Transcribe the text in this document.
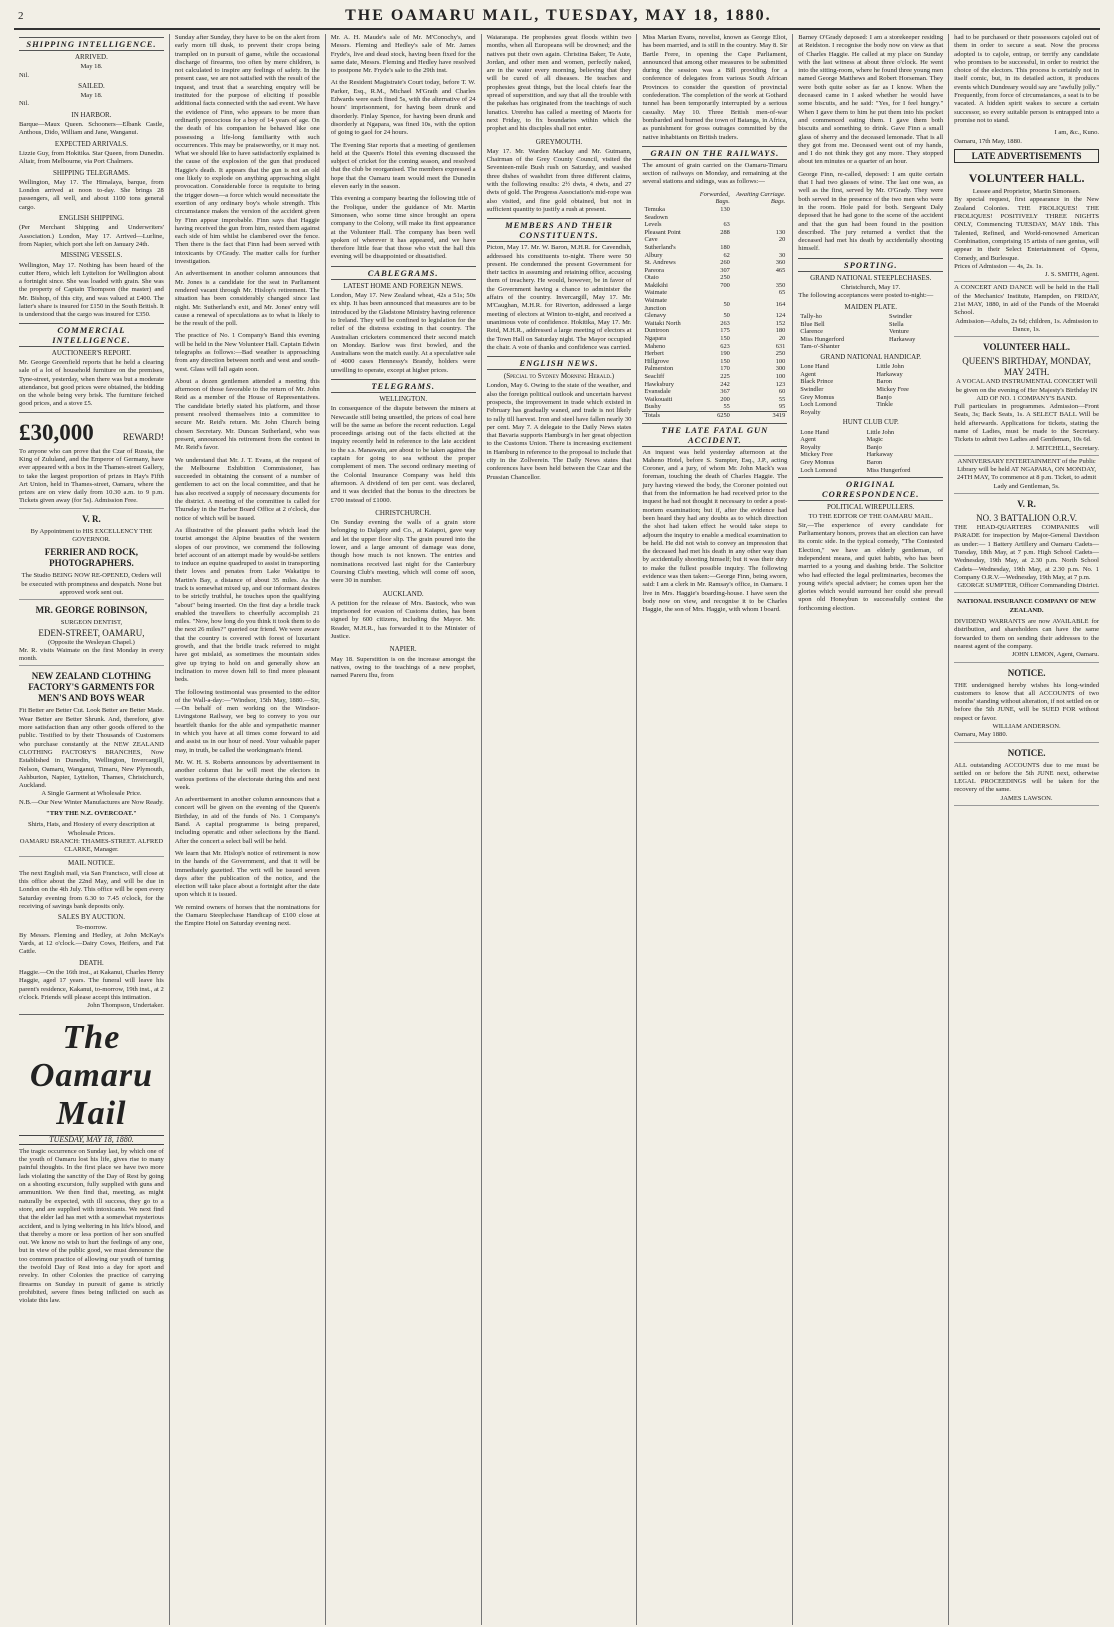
2	THE OAMARU MAIL, TUESDAY, MAY 18, 1880.

SHIPPING INTELLIGENCE.
ARRIVED.
May 18.
Nil.
SAILED.
May 18.
Nil.
IN HARBOR.
Barque—Maux Queen. Schooners—Elbank Castle, Anthous, Dido, William and Jane, Wanganui.
EXPECTED ARRIVALS.
Lizzie Guy, from Hokitika. Star Queen, from Dunedin. Altair, from Melbourne, via Port Chalmers.
SHIPPING TELEGRAMS.
Wellington, May 17. The Himalaya, barque, from London arrived at noon to-day. She brings 28 passengers, all well, and about 1100 tons general cargo.
ENGLISH SHIPPING.
(Per Merchant Shipping and Underwriters' Association.) London, May 17. Arrived—Lurline, from Napier, which port she left on January 24th.
MISSING VESSELS.
Wellington, May 17. Nothing has been heard of the cutter Hero, which left Lyttelton for Wellington about a fortnight since. She was loaded with grain. She was the property of Captain Thompson (the master) and Mr. Bishop, of this city, and was valued at £400. The latter's share is insured for £150 in the South British. It is understood that the cargo was insured for £350.
COMMERCIAL INTELLIGENCE.
AUCTIONEER'S REPORT.
Mr. George Greenfield reports that he held a clearing sale of a lot of household furniture on the premises, Tyne-street, yesterday, when there was but a moderate attendance, but good prices were obtained, the bidding on the whole being very brisk. The furniture fetched good prices, and a stove £5.
£30,000	REWARD!
To anyone who can prove that the Czar of Russia, the King of Zululand, and the Emperor of Germany, have ever appeared with a box in the Thames-street Gallery, to take the largest proportion of prizes in Hay's Fifth Art Union, held in Thames-street, Oamaru, where the prizes are on view daily from 10.30 a.m. to 9 p.m. Tickets given away (for 5s). Admission Free.
V. R.
By Appointment to HIS EXCELLENCY THE GOVERNOR.
FERRIER AND ROCK, PHOTOGRAPHERS.
The Studio BEING NOW RE-OPENED, Orders will be executed with promptness and despatch. None but approved work sent out.
MR. GEORGE ROBINSON,
SURGEON DENTIST,
EDEN-STREET, OAMARU,
(Opposite the Wesleyan Chapel.)
Mr. R. visits Waimate on the first Monday in every month.
NEW ZEALAND CLOTHING FACTORY'S GARMENTS FOR MEN'S AND BOYS WEAR
Fit Better are Better Cut. Look Better are Better Made. Wear Better are Better Shrunk. And, therefore, give more satisfaction than any other goods offered to the public. Testified to by their Thousands of Customers who purchase constantly at the NEW ZEALAND CLOTHING FACTORY'S BRANCHES, Now Established in Dunedin, Wellington, Invercargill, Nelson, Oamaru, Wanganui, Timaru, New Plymouth, Ashburton, Napier, Lyttelton, Thames, Christchurch, Auckland.
A Single Garment at Wholesale Price.
N.B.—Our New Winter Manufactures are Now Ready.
"TRY THE N.Z. OVERCOAT."
Shirts, Hats, and Hosiery of every description at Wholesale Prices.
OAMARU BRANCH: THAMES-STREET. ALFRED CLARKE, Manager.
MAIL NOTICE.
The next English mail, via San Francisco, will close at this office about the 22nd May, and will be due in London on the 4th July. This office will be open every Saturday evening from 6.30 to 7.45 o'clock, for the receiving of savings bank deposits only.
SALES BY AUCTION.
To-morrow.
By Messrs. Fleming and Hedley, at John McKay's Yards, at 12 o'clock.—Dairy Cows, Heifers, and Fat Cattle.
DEATH.
Haggie.—On the 16th inst., at Kakanui, Charles Henry Haggie, aged 17 years. The funeral will leave his parent's residence, Kakanui, to-morrow, 19th inst., at 2 o'clock. Friends will please accept this intimation.
John Thompson, Undertaker.
The Oamaru Mail
TUESDAY, MAY 18, 1880.
The tragic occurrence on Sunday last, by which one of the youth of Oamaru lost his life, gives rise to many painful thoughts. In the first place we have two more lads violating the sanctity of the Day of Rest by going on a shooting excursion, fully supplied with guns and ammunition. We then find that, meeting, as might naturally be expected, with ill success, they go to a store, and are supplied with intoxicants. We next find that the elder lad has met with a somewhat mysterious accident, and is lying weltering in his life's blood, and that thereby a more or less portion of her son snuffed out. We know no wish to hurt the feelings of any one, but in view of the public good, we must denounce the too common practice of allowing our youth of turning the twofold Day of Rest into a day for sport and revelry. In other Colonies the practice of carrying firearms on Sunday in pursuit of game is strictly prohibited, severe fines being inflicted on such as violate this law.

Sunday after Sunday, they have to be on the alert from early morn till dusk, to prevent their crops being trampled on in pursuit of game, while the occasional discharge of firearms, too often by mere children, is not calculated to inspire any feelings of safety. In the present case, we are not satisfied with the result of the inquest, and trust that a searching enquiry will be instituted for the purpose of eliciting if possible additional facts connected with the sad event. We have the evidence of Finn, who appears to be more than ordinarily precocious for a boy of 14 years of age. On the death of his companion he behaved like one possessing a life-long familiarity with such occurrences. This may be praiseworthy, or it may not. What we should like to have satisfactorily explained is the cause of the explosion of the gun that produced Haggie's death. It appears that the gun is not an old one likely to explode on anything approaching slight provocation. Considerable force is requisite to bring the trigger down—a force which would necessitate the exertion of any ordinary boy's whole strength. This circumstance makes the version of the accident given by Finn appear improbable. Finn says that Haggie having received the gun from him, rested them against each side of him whilst he clambered over the fence. Then there is the fact that Finn had been served with intoxicants by O'Grady. The matter calls for further investigation.

An advertisement in another column announces that Mr. Jones is a candidate for the seat in Parliament rendered vacant through Mr. Hislop's retirement. The situation has been considerably changed since last night. Mr. Sutherland's exit, and Mr. Jones' entry will cause a renewal of speculations as to what is likely to be the result of the poll.

The practice of No. 1 Company's Band this evening will be held in the New Volunteer Hall. Captain Edwin telegraphs as follows:—Bad weather is approaching from any direction between north and west and south-west. Glass will fall again soon.

About a dozen gentlemen attended a meeting this afternoon of those favorable to the return of Mr. John Reid as a member of the House of Representatives. The candidate briefly stated his platform, and those present resolved themselves into a committee to secure Mr. Reid's return. Mr. John Church being chosen Secretary. Mr. Duncan Sutherland, who was present, announced his retirement from the contest in Mr. Reid's favor.

We understand that Mr. J. T. Evans, at the request of the Melbourne Exhibition Commissioner, has succeeded in obtaining the consent of a number of gentlemen to act on the local committee, and that he has also received a supply of necessary documents for the district. A meeting of the committee is called for Thursday in the Harbor Board Office at 2 o'clock, due notice of which will be issued.

As illustrative of the pleasant paths which lead the tourist amongst the Alpine beauties of the western slopes of our province, we commend the following brief account of an attempt made by would-be settlers to induce an equine quadruped to assist in transporting their loves and penates from Lake Wakatipu to Martin's Bay, a distance of about 35 miles. As the track is somewhat mixed up, and our informant desires to be strictly truthful, he touches upon the qualifying "about" being inserted. On the first day a bridle track enabled the travellers to cheerfully accomplish 21 miles. "Now, how long do you think it took them to do the next 26 miles?" queried our friend. We were aware that the country is covered with forest of luxuriant growth, and that the bridle track referred to might have got mislaid, as sometimes the mountain sides give up trying to hold on and generally show an inclination to move down hill to find more pleasant beds.

The following testimonial was presented to the editor of the Wall-a-day:—"Windsor, 15th May, 1880.—Sir,—On behalf of men working on the Windsor-Livingstone Railway, we beg to convey to you our heartfelt thanks for the able and sympathetic manner in which you have at all times come forward to aid and assist us in our hour of need. Your valuable paper may, in truth, be called the workingman's friend.

Mr. W. H. S. Roberts announces by advertisement in another column that he will meet the electors in various portions of the electorate during this and next week.

An advertisement in another column announces that a concert will be given on the evening of the Queen's Birthday, in aid of the funds of No. 1 Company's Band. A capital programme is being prepared, including operatic and other selections by the Band. After the concert a select ball will be held.

We learn that Mr. Hislop's notice of retirement is now in the hands of the Government, and that it will be immediately gazetted. The writ will be issued seven days after the publication of the notice, and the election will take place about a fortnight after the date upon which it is issued.

We remind owners of horses that the nominations for the Oamaru Steeplechase Handicap of £100 close at the Empire Hotel on Saturday evening next.

Mr. A. H. Maude's sale of Mr. M'Conochy's, and Messrs. Fleming and Hedley's sale of Mr. James Fryde's, live and dead stock, having been fixed for the same date, Messrs. Fleming and Hedley have resolved to postpone Mr. Fryde's sale to the 29th inst.

At the Resident Magistrate's Court today, before T. W. Parker, Esq., R.M., Michael M'Grath and Charles Edwards were each fined 5s, with the alternative of 24 hours' imprisonment, for having been drunk and disorderly. Finlay Spence, for having been drunk and disorderly at Ngapara, was fined 10s, with the option of going to gaol for 24 hours.

The Evening Star reports that a meeting of gentlemen held at the Queen's Hotel this evening discussed the subject of cricket for the coming season, and resolved that the club be reorganised. The members expressed a hope that the Oamaru team would meet the Dunedin eleven early in the season.

This evening a company bearing the following title of the Frolique, under the guidance of Mr. Martin Simonsen, who some time since brought an opera company to the Colony, will make its first appearance at the Volunteer Hall. The company has been well spoken of wherever it has appeared, and we have therefore little fear that those who visit the hall this evening will be disappointed or dissatisfied.

CABLEGRAMS.
LATEST HOME AND FOREIGN NEWS.

London, May 17. New Zealand wheat, 42s a 51s; 50s ex ship. It has been announced that measures are to be introduced by the Gladstone Ministry having reference to Ireland. They will be confined to legislation for the relief of the distress existing in that country. The Australian cricketers commenced their second match on Monday. Barlow was first bowled, and the Australians won the match easily. At a speculative sale of 4000 cases Hennessy's Brandy, holders were unwilling to operate, except at higher prices.

TELEGRAMS.
WELLINGTON.

In consequence of the dispute between the miners at Newcastle still being unsettled, the prices of coal here will be the same as before the recent reduction. Legal proceedings arising out of the facts elicited at the inquiry recently held in reference to the late accident to the s.s. Manawatu, are about to be taken against the captain for going to sea without the proper complement of men. The second ordinary meeting of the Colonial Insurance Company was held this afternoon. A dividend of ten per cent. was declared, and it was decided that the bonus to the directors be £700 instead of £1000.

CHRISTCHURCH.

On Sunday evening the walls of a grain store belonging to Dalgety and Co., at Kaiapoi, gave way and let the upper floor slip. The grain poured into the lower, and a large amount of damage was done, though how much is not known. The entries and nominations received last night for the Canterbury Coursing Club's meeting, which will come off soon, were 30 in number.

AUCKLAND.

A petition for the release of Mrs. Bastock, who was imprisoned for evasion of Customs duties, has been signed by 600 citizens, including the Mayor. Mr. Reader, M.H.R., has forwarded it to the Minister of Justice.

NAPIER.

May 18. Superstition is on the increase amongst the natives, owing to the teachings of a new prophet, named Pareru Ihu, from

Waiararapa. He prophesies great floods within two months, when all Europeans will be drowned; and the natives put their own again. Christina Baker, Te Aute, Jordan, and other men and women, perfectly naked, are in the water every morning, believing that they will be cured of all diseases. He teaches and prophesies great things, but the local chiefs fear the spread of superstition, and say that all the trouble with the pakehas has originated from the teachings of such lunatics. Urerehu has called a meeting of Maoris for next Friday, to fix boundaries within which the prophet and his disciples shall not enter.

GREYMOUTH.

May 17. Mr. Warden Mackay and Mr. Gutmann, Chairman of the Grey County Council, visited the Seventeen-mile Bush rush on Saturday, and washed three dishes of washdirt from three different claims, with the following results: 2½ dwts, 4 dwts, and 27 dwts of gold. The Progress Association's mid-rope was also visited, and fine gold obtained, but not in sufficient quantity to justify a rush at present.

MEMBERS AND THEIR CONSTITUENTS.

Picton, May 17. Mr. W. Baron, M.H.R. for Cavendish, addressed his constituents to-night. There were 50 present. He condemned the present Government for their tactics in assuming and retaining office, accusing them of treachery. He would, however, be in favor of the Government having a chance to administer the affairs of the country. Invercargill, May 17. Mr. M'Caughan, M.H.R. for Riverton, addressed a large meeting of electors at Winton to-night, and received a unanimous vote of confidence. Hokitika, May 17. Mr. Reid, M.H.R., addressed a large meeting of electors at the Town Hall on Saturday night. The Mayor occupied the chair. A vote of thanks and confidence was carried.

ENGLISH NEWS.
(Special to Sydney Morning Herald.)

London, May 6. Owing to the state of the weather, and also the foreign political outlook and uncertain harvest prospects, the improvement in trade which existed in February has gradually waned, and trade is not likely to rally till harvest. Iron and steel have fallen nearly 30 per cent. May 7. A delegate to the Daily News states that Bavaria supports Hamburg's in her great objection to the Customs Union. There is increasing excitement in Hamburg in reference to the proposal to include that city in the Zollverein. The Daily News states that conferences have been held between the Czar and the Prussian Chancellor.

Miss Marian Evans, novelist, known as George Eliot, has been married, and is still in the country. May 8. Sir Bartle Frere, in opening the Cape Parliament, announced that among other measures to be submitted during the session was a Bill providing for a conference of delegates from various South African Provinces to consider the question of provincial confederation. The completion of the work at Gothard tunnel has been temporarily interrupted by a serious casualty. May 10. Three British men-of-war bombarded and burned the town of Batanga, in Africa, as punishment for gross outrages committed by the native inhabitants on British traders.

GRAIN ON THE RAILWAYS.

The amount of grain carried on the Oamaru-Timaru section of railways on Monday, and remaining at the several stations and sidings, was as follows:—

	Forwarded, Bags.	Awaiting Carriage. Bags.
Temuka	130	
Seadown		
Levels	63	
Pleasant Point	288	130
Cave		20
Sutherland's	180	
Albury	62	30
St. Andrews	260	360
Pareora	307	465
Otaio	250	
Makikihi	700	350
Waimate		65
Waimate Junction	50	164
Glenavy	50	124
Waitaki North	263	152
Duntroon	175	180
Ngapara	150	20
Maheno	623	631
Herbert	190	250
Hillgrove	150	100
Palmerston	170	300
Seacliff	225	100
Hawksbury	242	123
Evansdale	367	60
Waikouaiti	200	55
Bushy	55	95
Totals	6250	3419
THE LATE FATAL GUN ACCIDENT.

An inquest was held yesterday afternoon at the Maheno Hotel, before S. Sumpter, Esq., J.P., acting Coroner, and a jury, of whom Mr. John Mack's was foreman, touching the death of Charles Haggie. The jury having viewed the body, the Coroner pointed out that from the information he had received prior to the inquest he had not thought it necessary to order a post-mortem examination; but if, after the evidence had been heard they had any doubts as to which direction the shot had taken effect he would take steps to adjourn the inquiry to enable a medical examination to be held. He did not wish to convey an impression that the deceased had met his death in any other way than by accidentally shooting himself; but it was their duty to make the fullest possible inquiry. The following evidence was then taken:—George Finn, being sworn, said: I am a clerk in Mr. Ramsay's office, in Oamaru. I live in Mrs. Haggie's boarding-house. I have seen the body now on view, and recognise it to be Charles Haggie, the son of Mrs. Haggie, with whom I board.

Barney O'Grady deposed: I am a storekeeper residing at Reidston. I recognise the body now on view as that of Charles Haggie. He called at my place on Sunday with the last witness at about three o'clock. He went into the sitting-room, where he found three young men named George Matthews and Robert Horseman. They were both quite sober as far as I know. When the deceased came in I asked whether he would have some biscuits, and he said: "Yes, for I feel hungry." When I gave them to him he put them into his pocket and commenced eating them. I gave them both biscuits and something to drink. Gave Finn a small glass of sherry and the deceased lemonade. That is all they got from me. Deceased went out of my hands, and I do not think they got any more. They stopped about ten minutes or a quarter of an hour.

George Finn, re-called, deposed: I am quite certain that I had two glasses of wine. The last one was, as well as the first, served by Mr. O'Grady. They were both served in the presence of the two men who were in the room. Hole paid for both. Sergeant Daly deposed that he had gone to the scene of the accident and that the gun had been found in the position described. The jury returned a verdict that the deceased had met his death by accidentally shooting himself.

SPORTING.
GRAND NATIONAL STEEPLECHASES.
Christchurch, May 17.
The following acceptances were posted to-night:—
MAIDEN PLATE.
Tally-ho	Swindler
Blue Bell	Stella
Clarence	Venture
Miss Hungerford	Harkaway
Tam-o'-Shanter	
GRAND NATIONAL HANDICAP.
Lone Hand	Little John
Agent	Harkaway
Black Prince	Baron
Swindler	Mickey Free
Grey Momus	Banjo
Loch Lomond	Tinkle
Royalty	
HUNT CLUB CUP.
Lone Hand	Little John
Agent	Magic
Royalty	Banjo
Mickey Free	Harkaway
Grey Momus	Baron
Loch Lomond	Miss Hungerford
ORIGINAL CORRESPONDENCE.
POLITICAL WIREPULLERS.
TO THE EDITOR OF THE OAMARU MAIL.

Sir,—The experience of every candidate for Parliamentary honors, proves that an election can have its comic side. In the typical comedy, "The Contested Election," we have an elderly gentleman, of independent means, and quiet habits, who has been married to a young and dashing bride. The Solicitor who had effected the legal preliminaries, becomes the young wife's special adviser; he comes upon her the glories which would surround her could she prevail upon old Honeybun to successfully contest the forthcoming election.

had to be purchased or their possessors cajoled out of them in order to secure a seat. Now the process adopted is to cajole, entrap, or terrify any candidate who promises to be successful, in order to restrict the choice of the electors. This process is certainly not in itself comic, but, in its detailed action, it produces events which Dundreary would say are "awfully jolly." Frequently, from force of circumstances, a seat is to be vacated. A hidden spirit wakes to secure a certain successor, so every suitable person is entrapped into a promise not to stand.

I am, &c., Kuno.
Oamaru, 17th May, 1880.
LATE ADVERTISEMENTS
VOLUNTEER HALL.
Lessee and Proprietor, Martin Simonsen.
By special request, first appearance in the New Zealand Colonies. THE FROLIQUES! THE FROLIQUES! POSITIVELY THREE NIGHTS ONLY, Commencing TUESDAY, MAY 18th. This Talented, Refined, and World-renowned American Combination, comprising 15 artists of rare genius, will appear in their Select Entertainment of Opera, Comedy, and Burlesque.
Prices of Admission — 4s, 2s. 1s.
J. S. SMITH, Agent.
A CONCERT AND DANCE will be held in the Hall of the Mechanics' Institute, Hampden, on FRIDAY, 21st MAY, 1880, in aid of the Funds of the Moeraki School.
Admission—Adults, 2s 6d; children, 1s. Admission to Dance, 1s.
VOLUNTEER HALL.
QUEEN'S BIRTHDAY, MONDAY, MAY 24TH.
A VOCAL AND INSTRUMENTAL CONCERT Will be given on the evening of Her Majesty's Birthday IN AID OF NO. 1 COMPANY'S BAND.
Full particulars in programmes. Admission—Front Seats, 3s; Back Seats, 1s. A SELECT BALL Will be held afterwards. Applications for tickets, stating the name of Ladies, must be made to the Secretary. Tickets to admit two Ladies and Gentleman, 10s 6d.
J. MITCHELL, Secretary.
ANNIVERSARY ENTERTAINMENT of the Public Library will be held AT NGAPARA, ON MONDAY, 24TH MAY, To commence at 8 p.m. Ticket, to admit Lady and Gentleman, 5s.
V. R.
NO. 3 BATTALION O.R.V.
THE HEAD-QUARTERS COMPANIES will PARADE for inspection by Major-General Davidson as under:— 1 Battery Artillery and Oamaru Cadets—Tuesday, 18th May, at 7 p.m. High School Cadets—Wednesday, 19th May, at 2.30 p.m. North School Cadets—Wednesday, 19th May, at 2.30 p.m. No. 1 Company O.R.V.—Wednesday, 19th May, at 7 p.m.
GEORGE SUMPTER, Officer Commanding District.
NATIONAL INSURANCE COMPANY OF NEW ZEALAND.
DIVIDEND WARRANTS are now AVAILABLE for distribution, and shareholders can have the same forwarded to them on sending their addresses to the nearest agent of the company.
JOHN LEMON, Agent, Oamaru.
NOTICE.
THE undersigned hereby wishes his long-winded customers to know that all ACCOUNTS of two months' standing without alteration, if not settled on or before the 5th JUNE, will be SUED FOR without respect or favor.
WILLIAM ANDERSON.
Oamaru, May 1880.
NOTICE.
ALL outstanding ACCOUNTS due to me must be settled on or before the 5th JUNE next, otherwise LEGAL PROCEEDINGS will be taken for the recovery of the same.
JAMES LAWSON.
